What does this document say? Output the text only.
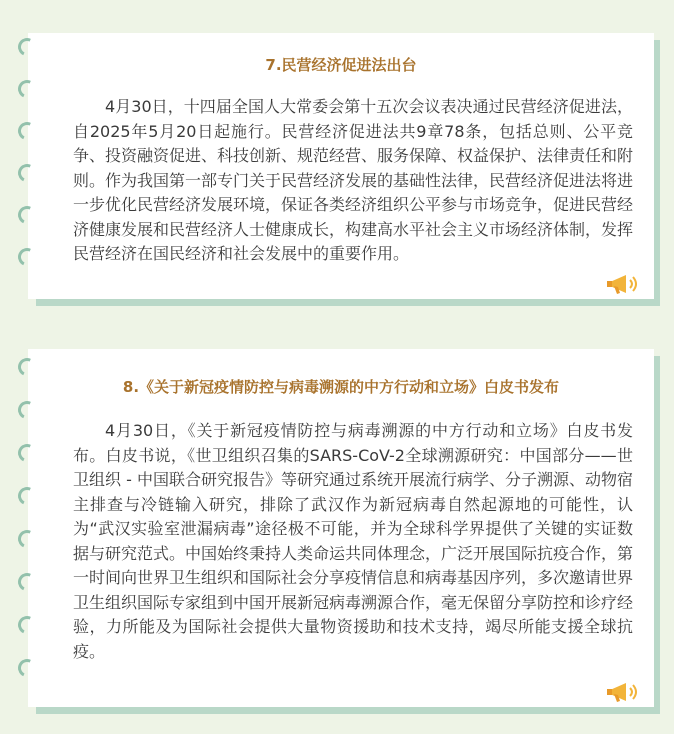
7.民营经济促进法出台

4月30日，十四届全国人大常委会第十五次会议表决通过民营经济促进法，自2025年5月20日起施行。民营经济促进法共9章78条，包括总则、公平竞争、投资融资促进、科技创新、规范经营、服务保障、权益保护、法律责任和附则。作为我国第一部专门关于民营经济发展的基础性法律，民营经济促进法将进一步优化民营经济发展环境，保证各类经济组织公平参与市场竞争，促进民营经济健康发展和民营经济人士健康成长，构建高水平社会主义市场经济体制，发挥民营经济在国民经济和社会发展中的重要作用。

8.《关于新冠疫情防控与病毒溯源的中方行动和立场》白皮书发布

4月30日，《关于新冠疫情防控与病毒溯源的中方行动和立场》白皮书发布。白皮书说，《世卫组织召集的SARS-CoV-2全球溯源研究：中国部分——世卫组织 - 中国联合研究报告》等研究通过系统开展流行病学、分子溯源、动物宿主排查与冷链输入研究，排除了武汉作为新冠病毒自然起源地的可能性，认为“武汉实验室泄漏病毒”途径极不可能，并为全球科学界提供了关键的实证数据与研究范式。中国始终秉持人类命运共同体理念，广泛开展国际抗疫合作，第一时间向世界卫生组织和国际社会分享疫情信息和病毒基因序列，多次邀请世界卫生组织国际专家组到中国开展新冠病毒溯源合作，毫无保留分享防控和诊疗经验，力所能及为国际社会提供大量物资援助和技术支持，竭尽所能支援全球抗疫。
